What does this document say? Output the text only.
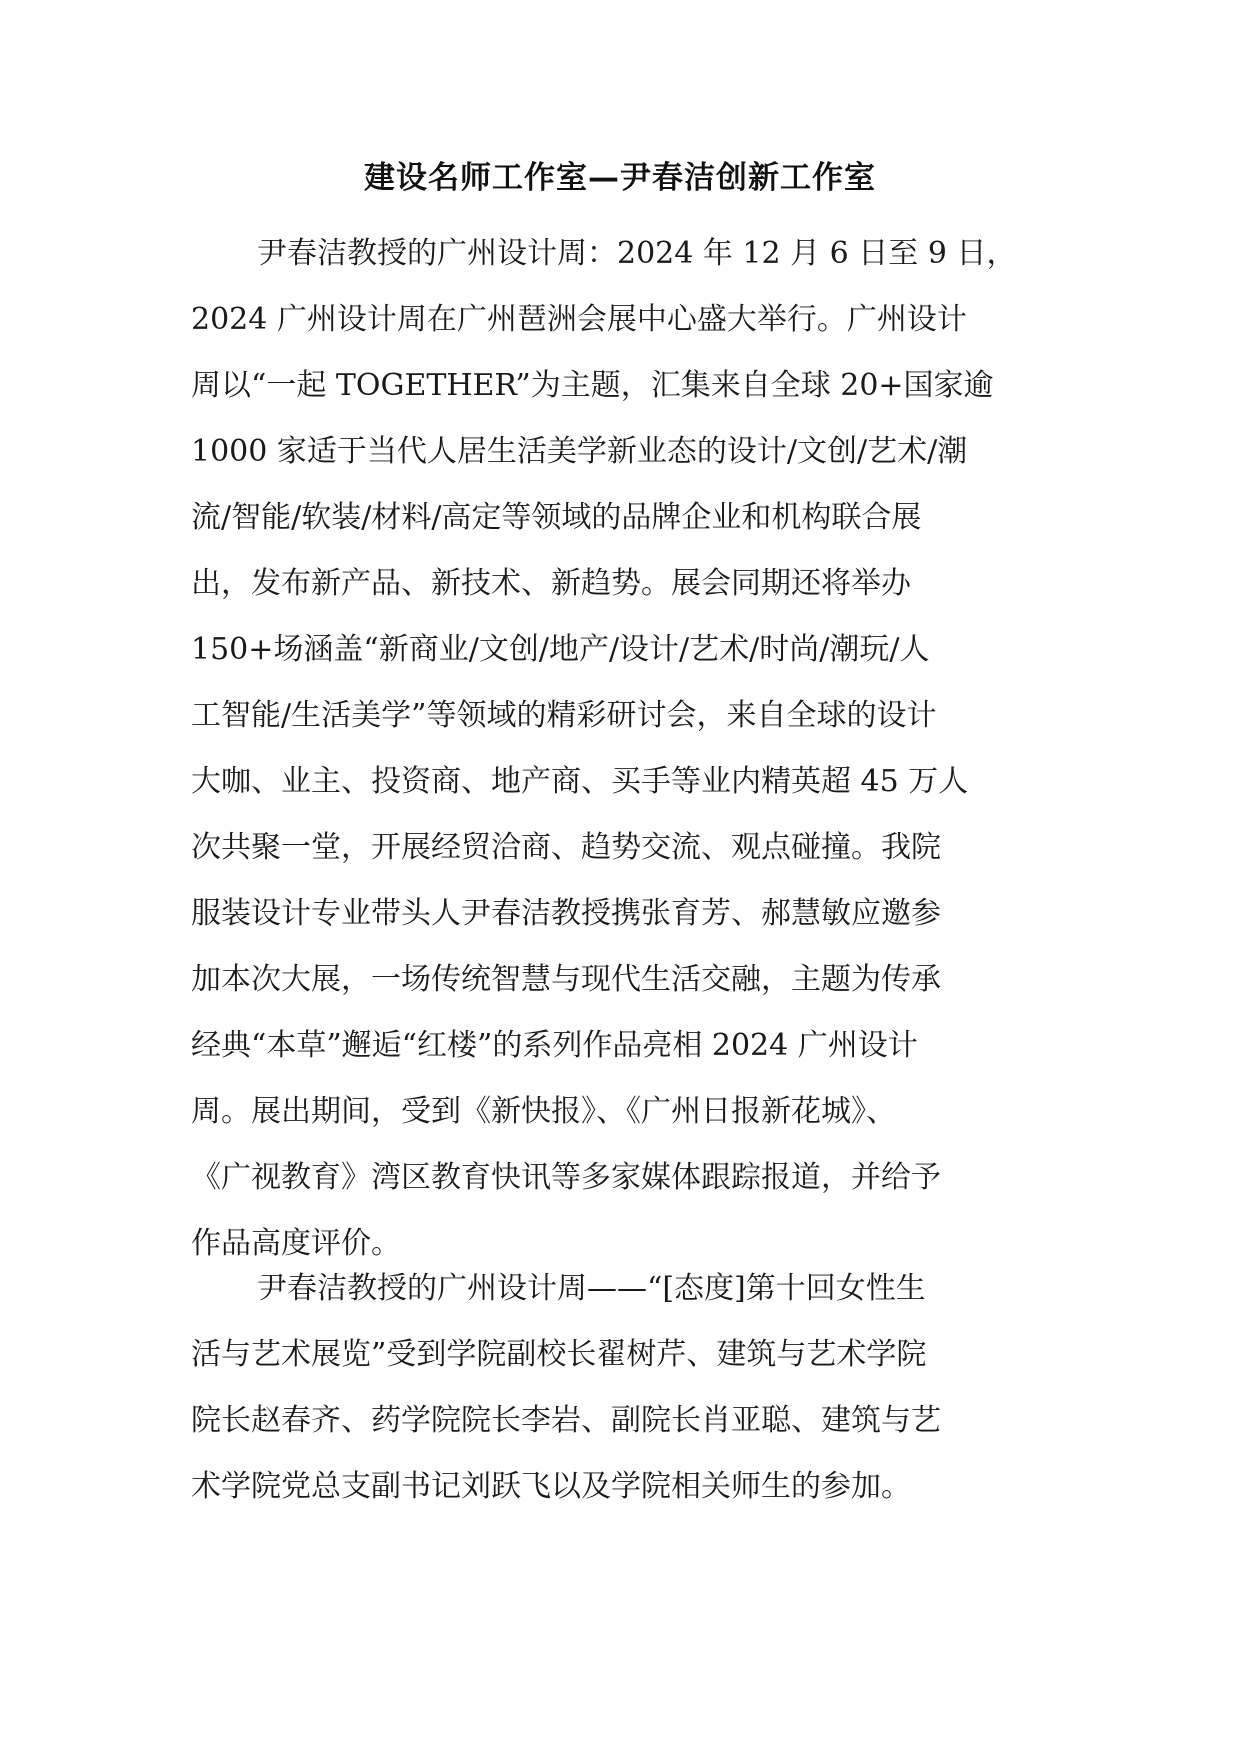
建设名师工作室—尹春洁创新工作室
尹春洁教授的广州设计周：2024 年 12 月 6 日至 9 日，
2024 广州设计周在广州琶洲会展中心盛大举行。广州设计
周以“一起 TOGETHER”为主题，汇集来自全球 20+国家逾
1000 家适于当代人居生活美学新业态的设计/文创/艺术/潮
流/智能/软装/材料/高定等领域的品牌企业和机构联合展
出，发布新产品、新技术、新趋势。展会同期还将举办
150+场涵盖“新商业/文创/地产/设计/艺术/时尚/潮玩/人
工智能/生活美学”等领域的精彩研讨会，来自全球的设计
大咖、业主、投资商、地产商、买手等业内精英超 45 万人
次共聚一堂，开展经贸洽商、趋势交流、观点碰撞。我院
服装设计专业带头人尹春洁教授携张育芳、郝慧敏应邀参
加本次大展，一场传统智慧与现代生活交融，主题为传承
经典“本草”邂逅“红楼”的系列作品亮相 2024 广州设计
周。展出期间，受到《新快报》、《广州日报新花城》、
《广视教育》湾区教育快讯等多家媒体跟踪报道，并给予
作品高度评价。
尹春洁教授的广州设计周——“[态度]第十回女性生
活与艺术展览”受到学院副校长翟树芹、建筑与艺术学院
院长赵春齐、药学院院长李岩、副院长肖亚聪、建筑与艺
术学院党总支副书记刘跃飞以及学院相关师生的参加。
